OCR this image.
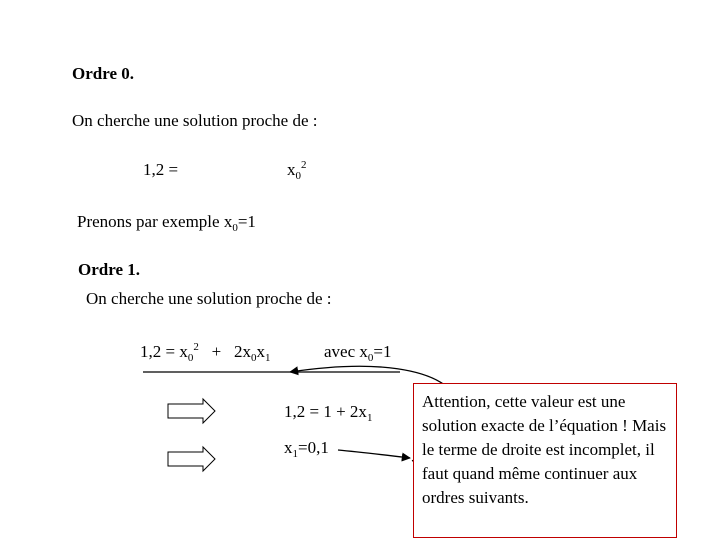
Ordre 0.
On cherche une solution proche de :
1,2 =	$x_0^2$
Prenons par exemple $x_0=1$
Ordre 1.
On cherche une solution proche de :
$1,2 = x_0^2 + 2x_0x_1$	avec $x_0=1$
$1,2 = 1 + 2x_1$
$x_1=0,1$
Attention, cette valeur est une solution exacte de l’équation ! Mais le terme de droite est incomplet, il faut quand même continuer aux ordres suivants.
